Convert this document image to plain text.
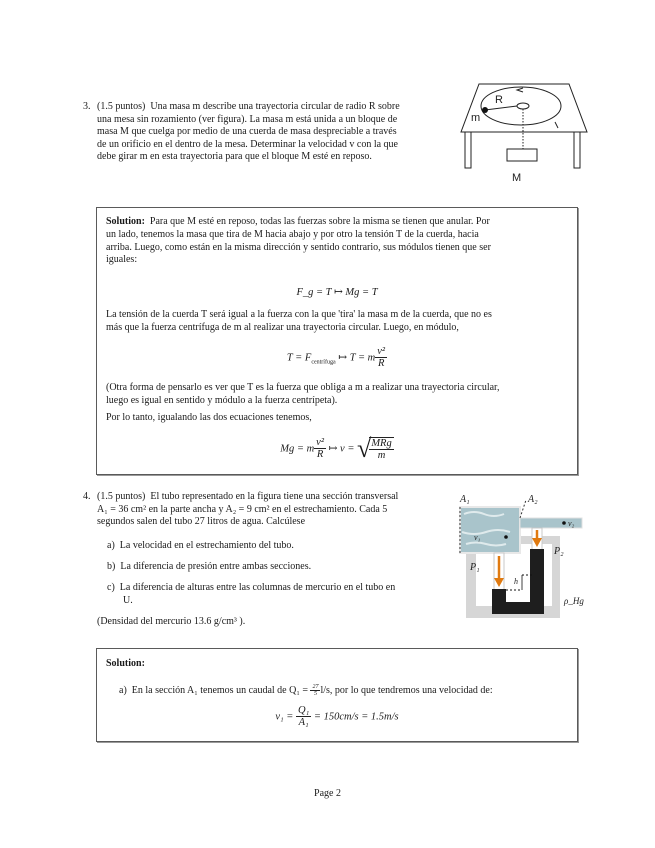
3. (1.5 puntos) Una masa m describe una trayectoria circular de radio R sobre
una mesa sin rozamiento (ver figura). La masa m está unida a un bloque de
masa M que cuelga por medio de una cuerda de masa despreciable a través
de un orificio en el dentro de la mesa. Determinar la velocidad v con la que
debe girar m en esta trayectoria para que el bloque M esté en reposo.
R
m
M
Solution: Para que M esté en reposo, todas las fuerzas sobre la misma se tienen que anular. Por
un lado, tenemos la masa que tira de M hacia abajo y por otro la tensión T de la cuerda, hacia
arriba. Luego, como están en la misma dirección y sentido contrario, sus módulos tienen que ser
iguales:
F_g = T ↦ Mg = T
La tensión de la cuerda T será igual a la fuerza con la que 'tira' la masa m de la cuerda, que no es
más que la fuerza centrífuga de m al realizar una trayectoria circular. Luego, en módulo,
$T = F_{centrífuga}$ ↦ T = m $\frac{\text{v²}}{R}$
(Otra forma de pensarlo es ver que T es la fuerza que obliga a m a realizar una trayectoria circular,
luego es igual en sentido y módulo a la fuerza centrípeta).
Por lo tanto, igualando las dos ecuaciones tenemos,
Mg = m $\frac{\text{v²}}{R}$ ↦ v = √
$\frac{\text{MRg}}{m}$
4. (1.5 puntos) El tubo representado en la figura tiene una sección transversal
A₁ = 36 cm² en la parte ancha y A₂ = 9 cm² en el estrechamiento. Cada 5
segundos salen del tubo 27 litros de agua. Calcúlese
a) La velocidad en el estrechamiento del tubo.
b) La diferencia de presión entre ambas secciones.
c) La diferencia de alturas entre las columnas de mercurio en el tubo en
U.
(Densidad del mercurio 13.6 g/cm³ ).
A₁	A₂
v₁
v₂
P₁
P₂
h
ρ_Hg
Solution:
a) En la sección A₁ tenemos un caudal de $Q_1 = \frac{27}{5} l/s$, por lo que tendremos una velocidad de:
$v_1 = \frac{\text{Q₁}}{\text{A₁}} = 150cm/s = 1.5m/s$
Page 2
